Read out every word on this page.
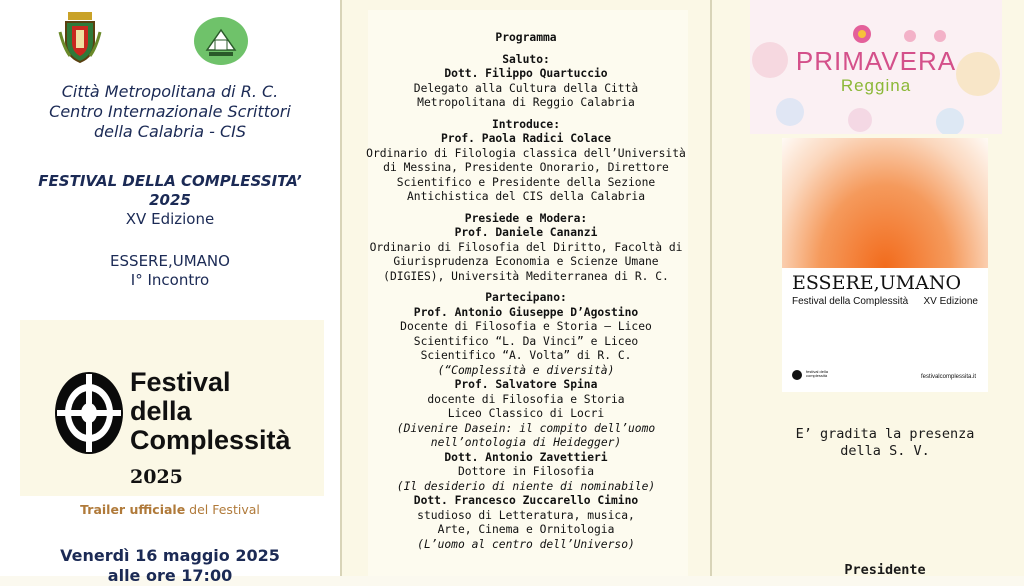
Città Metropolitana di R. C.
Centro Internazionale Scrittori
della Calabria - CIS
FESTIVAL DELLA COMPLESSITA’
2025
XV Edizione
ESSERE,UMANO
I° Incontro
Festival
della
Complessità
2025
Trailer ufficiale del Festival
Venerdì 16 maggio 2025
alle ore 17:00
Programma
Saluto:
Dott. Filippo Quartuccio
Delegato alla Cultura della Città
Metropolitana di Reggio Calabria
Introduce:
Prof. Paola Radici Colace
Ordinario di Filologia classica dell’Università
di Messina, Presidente Onorario, Direttore
Scientifico e Presidente della Sezione
Antichistica del CIS della Calabria
Presiede e Modera:
Prof. Daniele Cananzi
Ordinario di Filosofia del Diritto, Facoltà di
Giurisprudenza Economia e Scienze Umane
(DIGIES), Università Mediterranea di R. C.
Partecipano:
Prof. Antonio Giuseppe D’Agostino
Docente di Filosofia e Storia – Liceo
Scientifico “L. Da Vinci” e Liceo
Scientifico “A. Volta” di R. C.
(“Complessità e diversità)
Prof. Salvatore Spina
docente di Filosofia e Storia
Liceo Classico di Locri
(Divenire Dasein: il compito dell’uomo
nell’ontologia di Heidegger)
Dott. Antonio Zavettieri
Dottore in Filosofia
(Il desiderio di niente di nominabile)
Dott. Francesco Zuccarello Cimino
studioso di Letteratura, musica,
Arte, Cinema e Ornitologia
(L’uomo al centro dell’Universo)
PRIMAVERA
Reggina
ESSERE,UMANO
Festival della Complessità XV Edizione
festival della complessità	festivalcomplessita.it
E’ gradita la presenza
della S. V.
Presidente
